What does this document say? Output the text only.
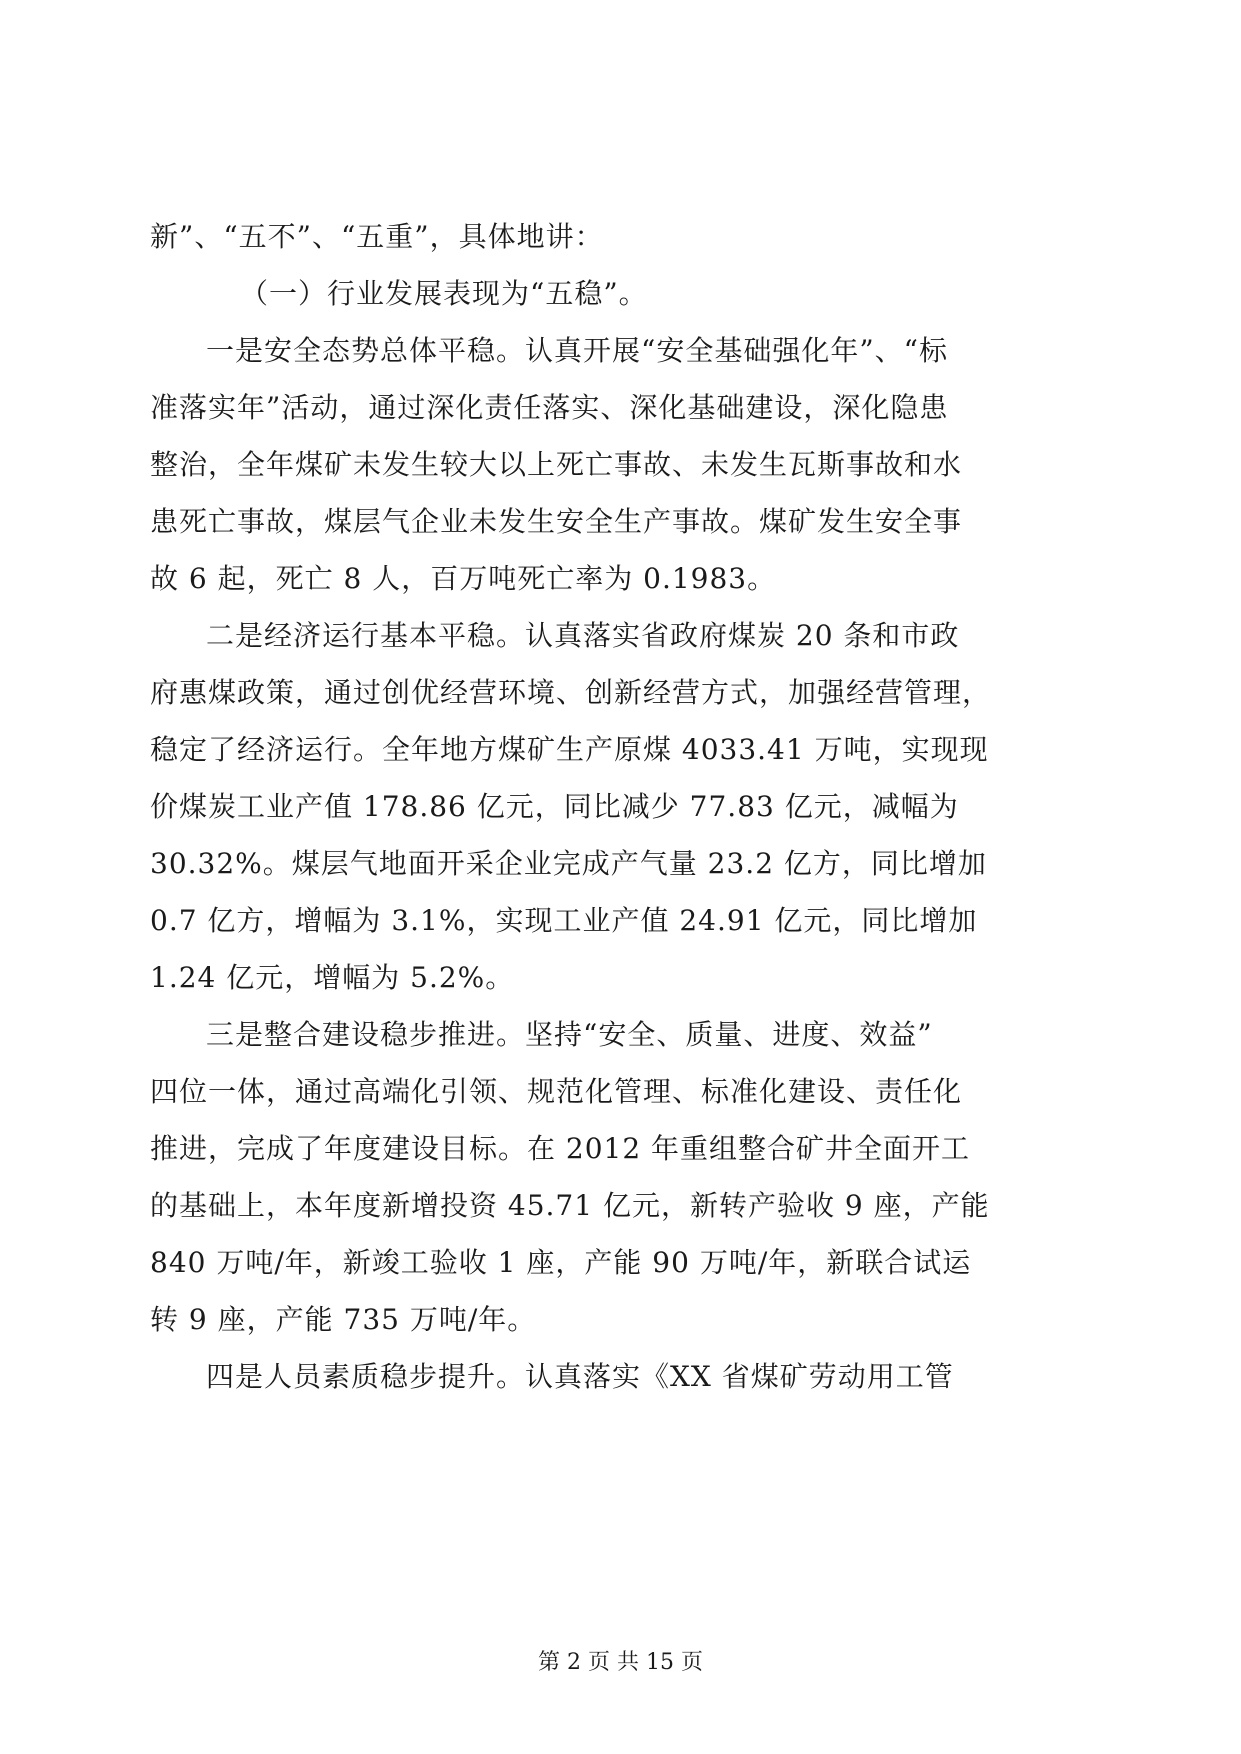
新”、“五不”、“五重”，具体地讲：
（一）行业发展表现为“五稳”。
一是安全态势总体平稳。认真开展“安全基础强化年”、“标
准落实年”活动，通过深化责任落实、深化基础建设，深化隐患
整治，全年煤矿未发生较大以上死亡事故、未发生瓦斯事故和水
患死亡事故，煤层气企业未发生安全生产事故。煤矿发生安全事
故 6 起，死亡 8 人，百万吨死亡率为 0.1983。
二是经济运行基本平稳。认真落实省政府煤炭 20 条和市政
府惠煤政策，通过创优经营环境、创新经营方式，加强经营管理，
稳定了经济运行。全年地方煤矿生产原煤 4033.41 万吨，实现现
价煤炭工业产值 178.86 亿元，同比减少 77.83 亿元，减幅为
30.32%。煤层气地面开采企业完成产气量 23.2 亿方，同比增加
0.7 亿方，增幅为 3.1%，实现工业产值 24.91 亿元，同比增加
1.24 亿元，增幅为 5.2%。
三是整合建设稳步推进。坚持“安全、质量、进度、效益”
四位一体，通过高端化引领、规范化管理、标准化建设、责任化
推进，完成了年度建设目标。在 2012 年重组整合矿井全面开工
的基础上，本年度新增投资 45.71 亿元，新转产验收 9 座，产能
840 万吨/年，新竣工验收 1 座，产能 90 万吨/年，新联合试运
转 9 座，产能 735 万吨/年。
四是人员素质稳步提升。认真落实《XX 省煤矿劳动用工管
第 2 页 共 15 页
